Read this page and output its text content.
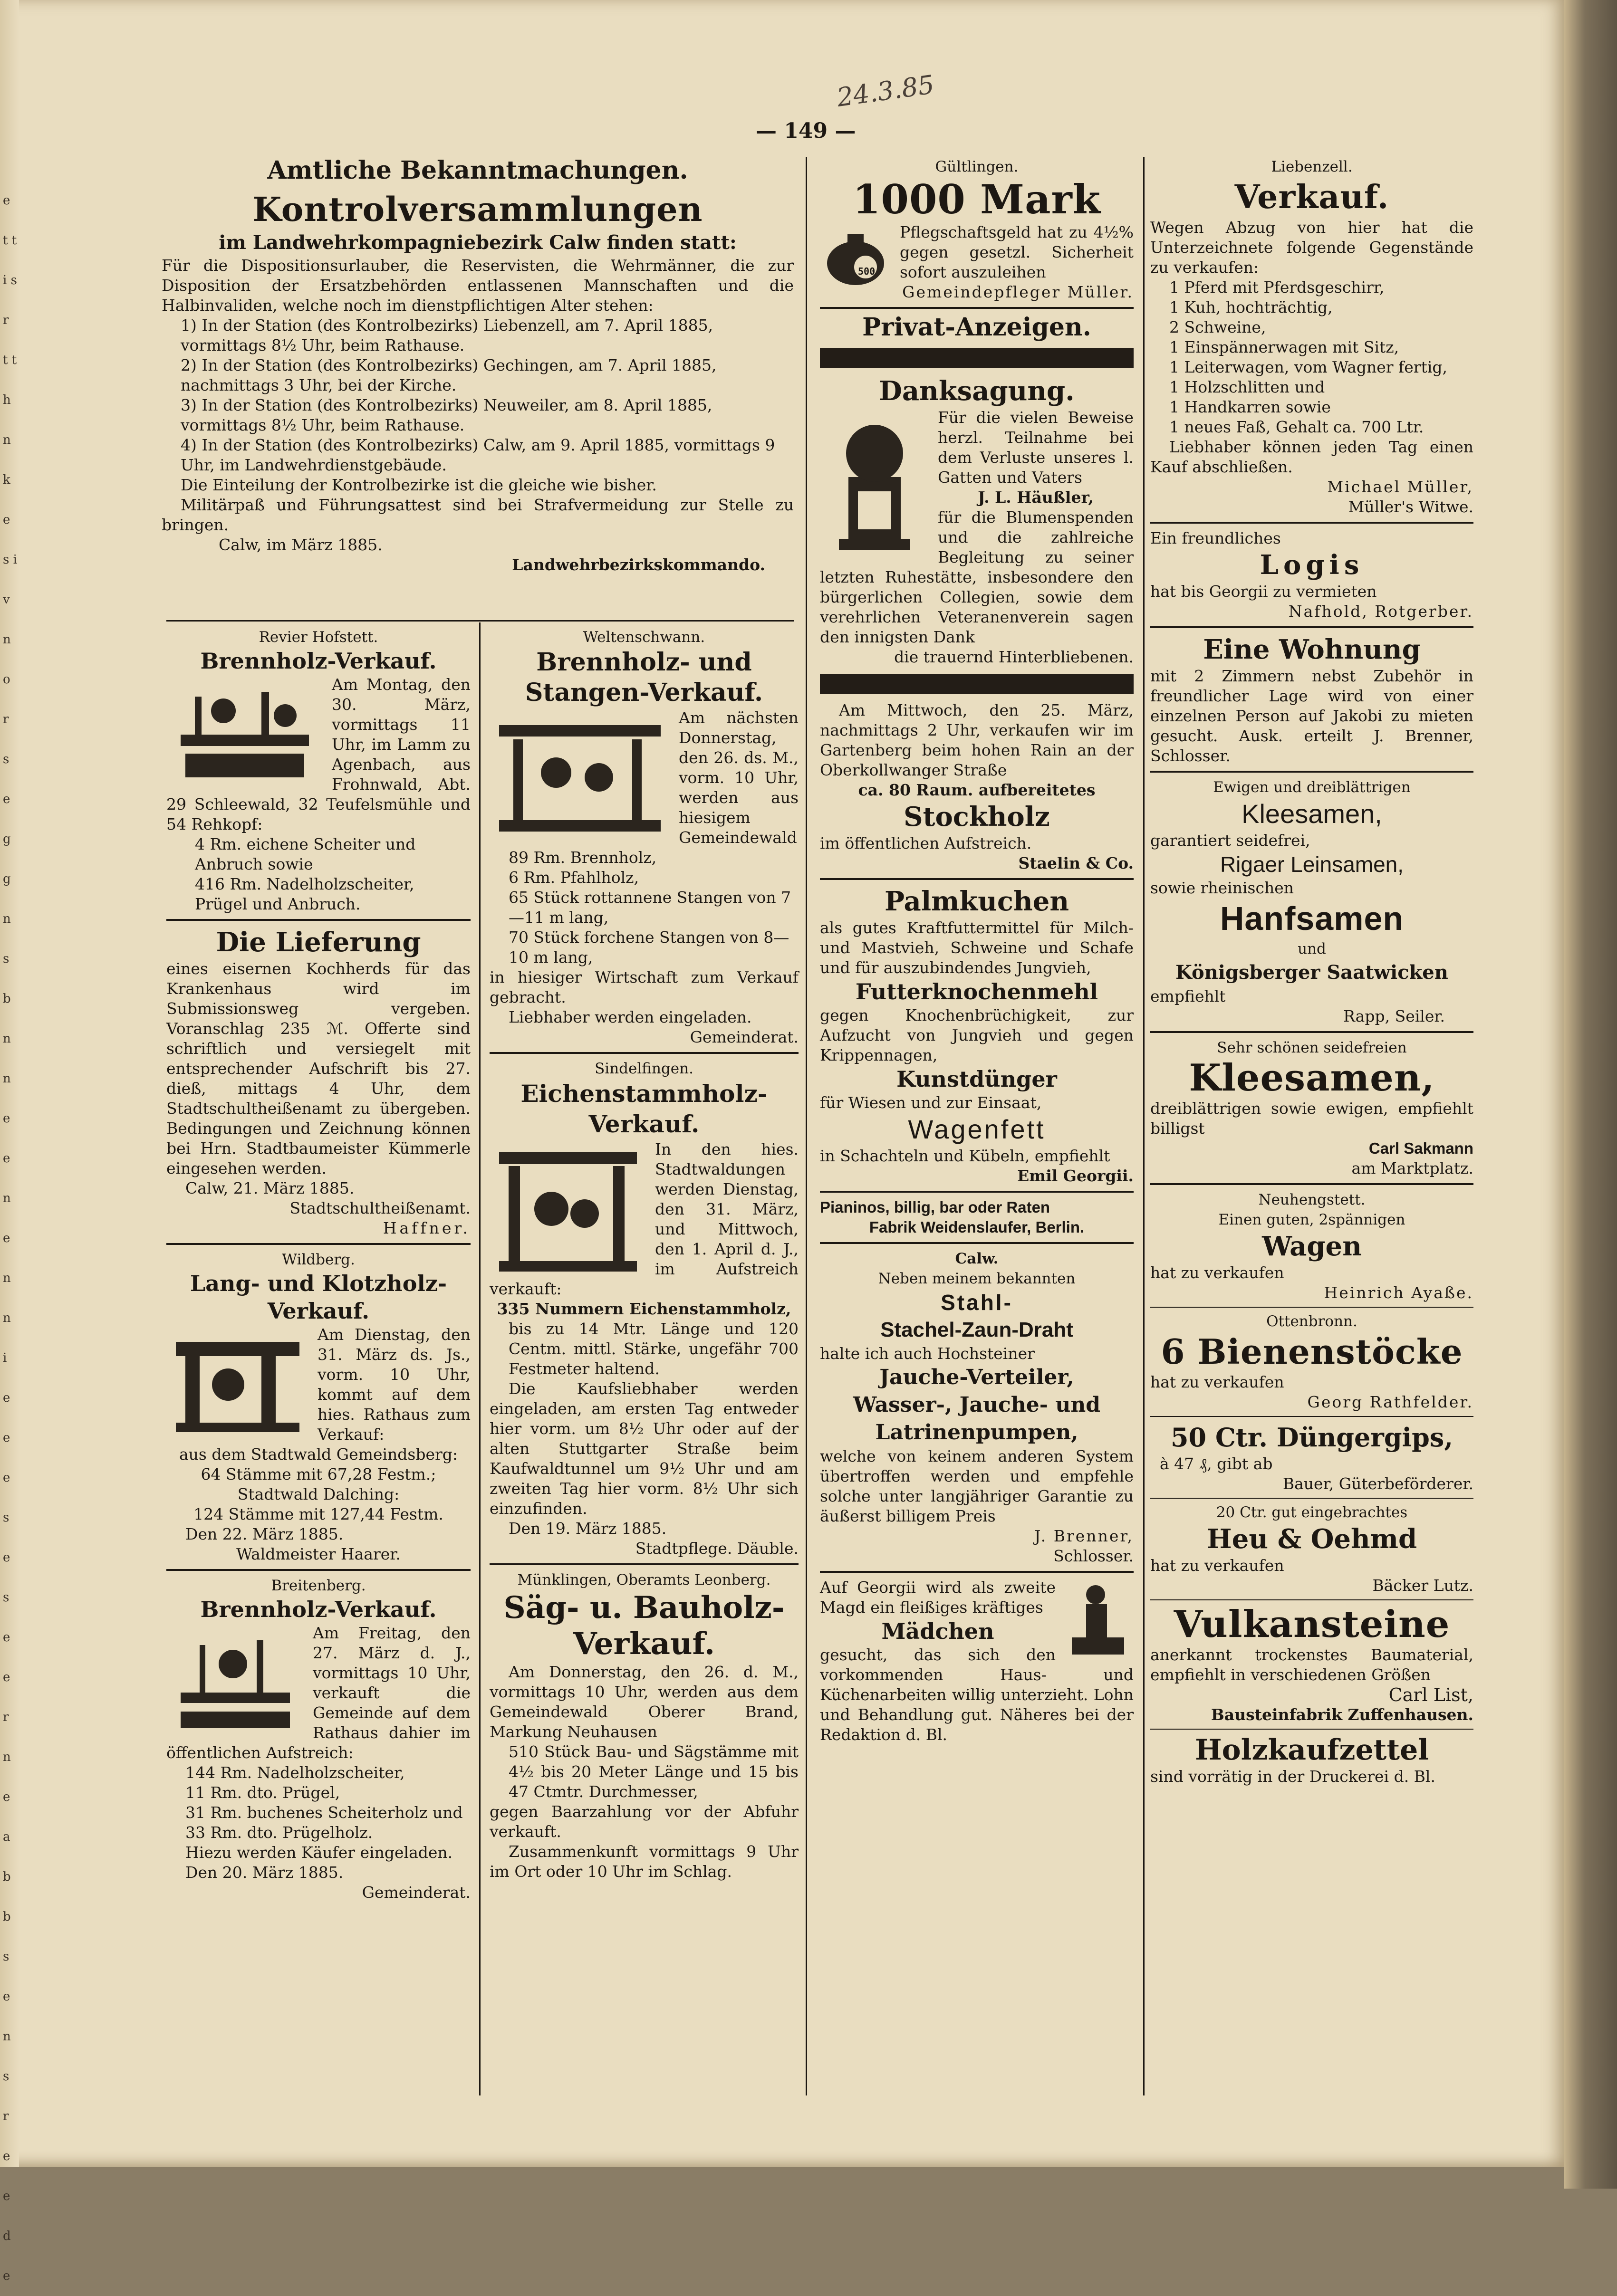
e t t i s r t t h n k e s i v n o r s e g g n s b n n e e n e n n i e e e s e s e e r n e a b b s e n s r e e d e
— 149 —
24.3.85
Amtliche Bekanntmachungen.
Kontrolversammlungen
im Landwehrkompagniebezirk Calw finden statt:

Für die Dispositionsurlauber, die Reservisten, die Wehrmänner, die zur Disposition der Ersatzbehörden entlassenen Mannschaften und die Halbinvaliden, welche noch im dienstpflichtigen Alter stehen:

1) In der Station (des Kontrolbezirks) Liebenzell, am 7. April 1885, vormittags 8½ Uhr, beim Rathause.

2) In der Station (des Kontrolbezirks) Gechingen, am 7. April 1885, nachmittags 3 Uhr, bei der Kirche.

3) In der Station (des Kontrolbezirks) Neuweiler, am 8. April 1885, vormittags 8½ Uhr, beim Rathause.

4) In der Station (des Kontrolbezirks) Calw, am 9. April 1885, vormittags 9 Uhr, im Landwehrdienstgebäude.

Die Einteilung der Kontrolbezirke ist die gleiche wie bisher.

Militärpaß und Führungsattest sind bei Strafvermeidung zur Stelle zu bringen.

Calw, im März 1885.

Landwehrbezirkskommando.

Revier Hofstett.
Brennholz-Verkauf.

Am Montag, den 30. März, vormittags 11 Uhr, im Lamm zu Agenbach, aus Frohnwald, Abt. 29 Schleewald, 32 Teufelsmühle und 54 Rehkopf:

4 Rm. eichene Scheiter und Anbruch sowie

416 Rm. Nadelholzscheiter, Prügel und Anbruch.

Die Lieferung

eines eisernen Kochherds für das Krankenhaus wird im Submissionsweg vergeben. Voranschlag 235 ℳ. Offerte sind schriftlich und versiegelt mit entsprechender Aufschrift bis 27. dieß, mittags 4 Uhr, dem Stadtschultheißenamt zu übergeben. Bedingungen und Zeichnung können bei Hrn. Stadtbaumeister Kümmerle eingesehen werden.

Calw, 21. März 1885.

Stadtschultheißenamt.

Haffner.

Wildberg.
Lang- und Klotzholz-Verkauf.

Am Dienstag, den 31. März ds. Js., vorm. 10 Uhr, kommt auf dem hies. Rathaus zum Verkauf:

aus dem Stadtwald Gemeindsberg:

64 Stämme mit 67,28 Festm.;

Stadtwald Dalching:

124 Stämme mit 127,44 Festm.

Den 22. März 1885.

Waldmeister Haarer.

Breitenberg.
Brennholz-Verkauf.

Am Freitag, den 27. März d. J., vormittags 10 Uhr, verkauft die Gemeinde auf dem Rathaus dahier im öffentlichen Aufstreich:

144 Rm. Nadelholzscheiter,

11 Rm. dto. Prügel,

31 Rm. buchenes Scheiterholz und

33 Rm. dto. Prügelholz.

Hiezu werden Käufer eingeladen.

Den 20. März 1885.

Gemeinderat.

Weltenschwann.
Brennholz- und Stangen-Verkauf.

Am nächsten Donnerstag, den 26. ds. M., vorm. 10 Uhr, werden aus hiesigem Gemeindewald

89 Rm. Brennholz,

6 Rm. Pfahlholz,

65 Stück rottannene Stangen von 7—11 m lang,

70 Stück forchene Stangen von 8—10 m lang,

in hiesiger Wirtschaft zum Verkauf gebracht.

Liebhaber werden eingeladen.

Gemeinderat.

Sindelfingen.
Eichenstammholz-Verkauf.

In den hies. Stadtwaldungen werden Dienstag, den 31. März, und Mittwoch, den 1. April d. J., im Aufstreich verkauft:

335 Nummern Eichenstammholz,

bis zu 14 Mtr. Länge und 120 Centm. mittl. Stärke, ungefähr 700 Festmeter haltend.

Die Kaufsliebhaber werden eingeladen, am ersten Tag entweder hier vorm. um 8½ Uhr oder auf der alten Stuttgarter Straße beim Kaufwaldtunnel um 9½ Uhr und am zweiten Tag hier vorm. 8½ Uhr sich einzufinden.

Den 19. März 1885.

Stadtpflege. Däuble.

Münklingen, Oberamts Leonberg.
Säg- u. Bauholz-Verkauf.

Am Donnerstag, den 26. d. M., vormittags 10 Uhr, werden aus dem Gemeindewald Oberer Brand, Markung Neuhausen

510 Stück Bau- und Sägstämme mit 4½ bis 20 Meter Länge und 15 bis 47 Ctmtr. Durchmesser,

gegen Baarzahlung vor der Abfuhr verkauft.

Zusammenkunft vormittags 9 Uhr im Ort oder 10 Uhr im Schlag.

Gültlingen.
1000 Mark
500

Pflegschaftsgeld hat zu 4½% gegen gesetzl. Sicherheit sofort auszuleihen

Gemeindepfleger Müller.

Privat-Anzeigen.
Danksagung.

Für die vielen Beweise herzl. Teilnahme bei dem Verluste unseres l. Gatten und Vaters

J. L. Häußler,

für die Blumenspenden und die zahlreiche Begleitung zu seiner letzten Ruhestätte, insbesondere den bürgerlichen Collegien, sowie dem verehrlichen Veteranenverein sagen den innigsten Dank

die trauernd Hinterbliebenen.

Am Mittwoch, den 25. März, nachmittags 2 Uhr, verkaufen wir im Gartenberg beim hohen Rain an der Oberkollwanger Straße

ca. 80 Raum. aufbereitetes

Stockholz

im öffentlichen Aufstreich.

Staelin & Co.

Palmkuchen

als gutes Kraftfuttermittel für Milch- und Mastvieh, Schweine und Schafe und für auszubindendes Jungvieh,

Futterknochenmehl

gegen Knochenbrüchigkeit, zur Aufzucht von Jungvieh und gegen Krippennagen,

Kunstdünger

für Wiesen und zur Einsaat,

Wagenfett

in Schachteln und Kübeln, empfiehlt

Emil Georgii.

Pianinos, billig, bar oder Raten

Fabrik Weidenslaufer, Berlin.

Calw.
Neben meinem bekannten
Stahl-
Stachel-Zaun-Draht

halte ich auch Hochsteiner

Jauche-Verteiler,
Wasser-, Jauche- und Latrinenpumpen,

welche von keinem anderen System übertroffen werden und empfehle solche unter langjähriger Garantie zu äußerst billigem Preis

J. Brenner,

Schlosser.

Auf Georgii wird als zweite Magd ein fleißiges kräftiges

Mädchen

gesucht, das sich den vorkommenden Haus- und Küchenarbeiten willig unterzieht. Lohn und Behandlung gut. Näheres bei der Redaktion d. Bl.

Liebenzell.
Verkauf.

Wegen Abzug von hier hat die Unterzeichnete folgende Gegenstände zu verkaufen:

1 Pferd mit Pferdsgeschirr,

1 Kuh, hochträchtig,

2 Schweine,

1 Einspännerwagen mit Sitz,

1 Leiterwagen, vom Wagner fertig,

1 Holzschlitten und

1 Handkarren sowie

1 neues Faß, Gehalt ca. 700 Ltr.

Liebhaber können jeden Tag einen Kauf abschließen.

Michael Müller,

Müller's Witwe.

Ein freundliches

Logis

hat bis Georgii zu vermieten

Nafhold, Rotgerber.

Eine Wohnung

mit 2 Zimmern nebst Zubehör in freundlicher Lage wird von einer einzelnen Person auf Jakobi zu mieten gesucht. Ausk. erteilt J. Brenner, Schlosser.

Ewigen und dreiblättrigen
Kleesamen,

garantiert seidefrei,

Rigaer Leinsamen,

sowie rheinischen

Hanfsamen
und
Königsberger Saatwicken

empfiehlt

Rapp, Seiler.

Sehr schönen seidefreien
Kleesamen,

dreiblättrigen sowie ewigen, empfiehlt billigst

Carl Sakmann

am Marktplatz.

Neuhengstett.
Einen guten, 2spännigen
Wagen

hat zu verkaufen

Heinrich Ayaße.

Ottenbronn.
6 Bienenstöcke

hat zu verkaufen

Georg Rathfelder.

50 Ctr. Düngergips,

à 47 ₰, gibt ab

Bauer, Güterbeförderer.

20 Ctr. gut eingebrachtes
Heu & Oehmd

hat zu verkaufen

Bäcker Lutz.

Vulkansteine

anerkannt trockenstes Baumaterial, empfiehlt in verschiedenen Größen

Carl List,

Bausteinfabrik Zuffenhausen.

Holzkaufzettel

sind vorrätig in der Druckerei d. Bl.
